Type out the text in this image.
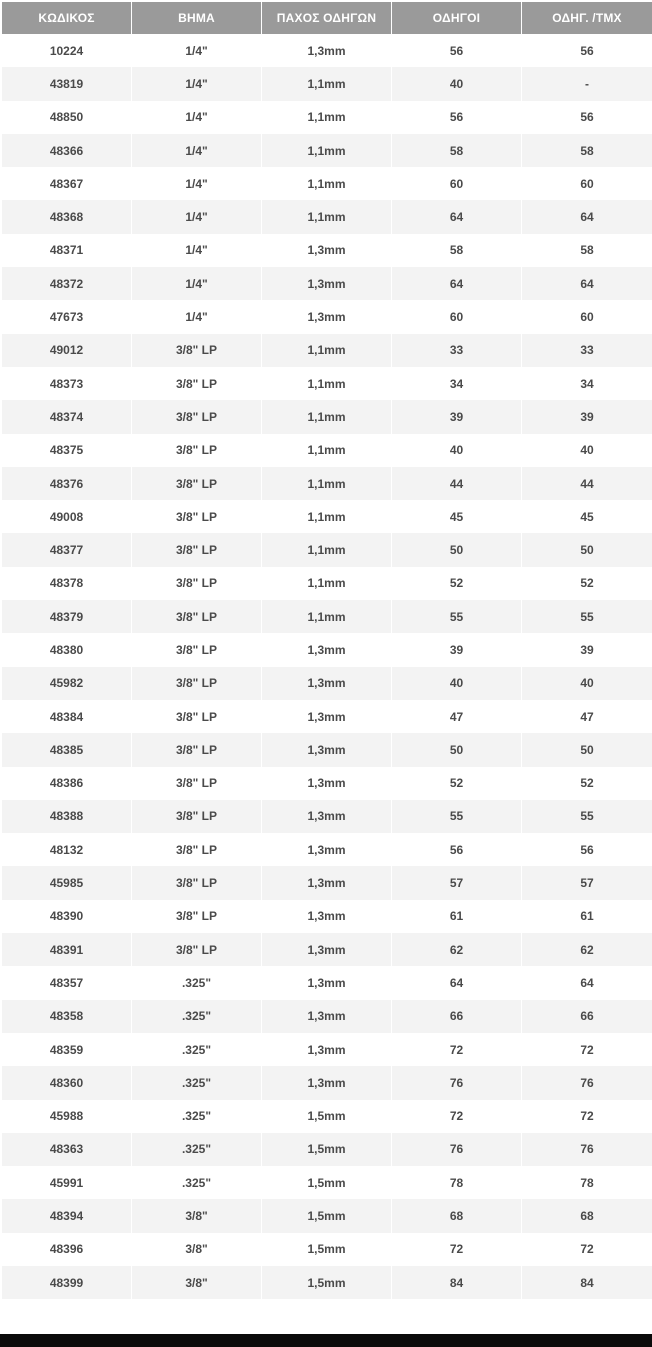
ΚΩΔΙΚΟΣ	ΒΗΜΑ	ΠΑΧΟΣ ΟΔΗΓΩΝ	ΟΔΗΓΟΙ	ΟΔΗΓ. /ΤΜΧ
10224	1/4"	1,3mm	56	56
43819	1/4"	1,1mm	40	-
48850	1/4"	1,1mm	56	56
48366	1/4"	1,1mm	58	58
48367	1/4"	1,1mm	60	60
48368	1/4"	1,1mm	64	64
48371	1/4"	1,3mm	58	58
48372	1/4"	1,3mm	64	64
47673	1/4"	1,3mm	60	60
49012	3/8" LP	1,1mm	33	33
48373	3/8" LP	1,1mm	34	34
48374	3/8" LP	1,1mm	39	39
48375	3/8" LP	1,1mm	40	40
48376	3/8" LP	1,1mm	44	44
49008	3/8" LP	1,1mm	45	45
48377	3/8" LP	1,1mm	50	50
48378	3/8" LP	1,1mm	52	52
48379	3/8" LP	1,1mm	55	55
48380	3/8" LP	1,3mm	39	39
45982	3/8" LP	1,3mm	40	40
48384	3/8" LP	1,3mm	47	47
48385	3/8" LP	1,3mm	50	50
48386	3/8" LP	1,3mm	52	52
48388	3/8" LP	1,3mm	55	55
48132	3/8" LP	1,3mm	56	56
45985	3/8" LP	1,3mm	57	57
48390	3/8" LP	1,3mm	61	61
48391	3/8" LP	1,3mm	62	62
48357	.325"	1,3mm	64	64
48358	.325"	1,3mm	66	66
48359	.325"	1,3mm	72	72
48360	.325"	1,3mm	76	76
45988	.325"	1,5mm	72	72
48363	.325"	1,5mm	76	76
45991	.325"	1,5mm	78	78
48394	3/8"	1,5mm	68	68
48396	3/8"	1,5mm	72	72
48399	3/8"	1,5mm	84	84
